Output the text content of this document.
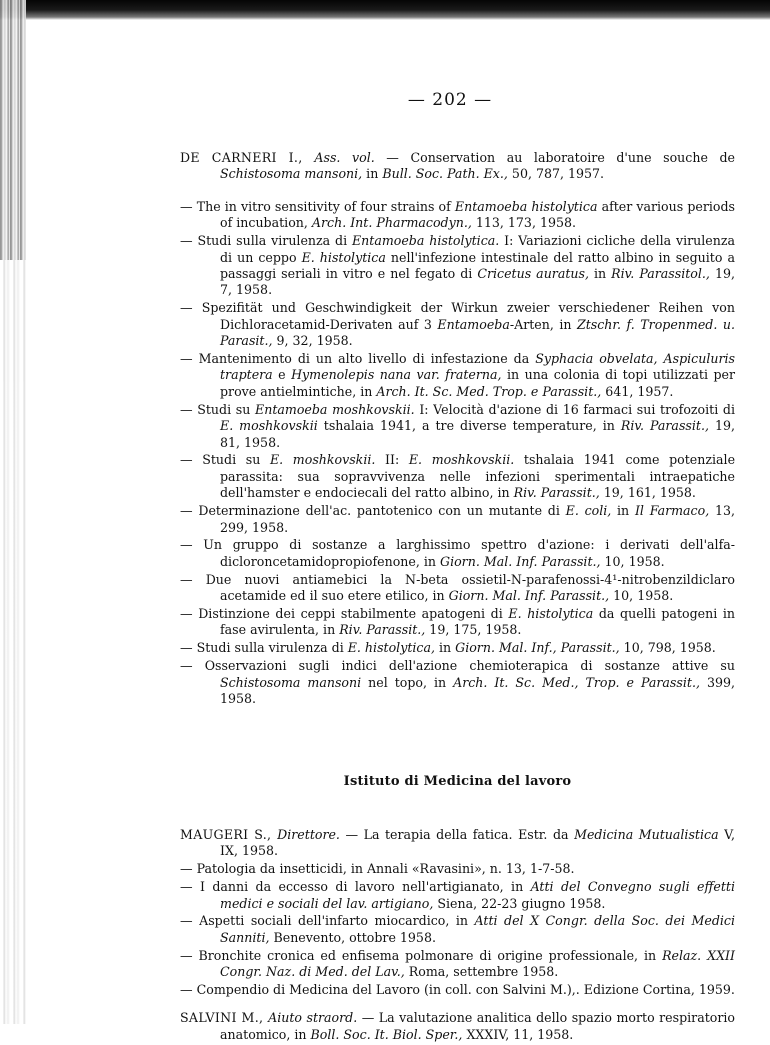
— 202 —

DE CARNERI I., Ass. vol. — Conservation au laboratoire d'une souche de Schistosoma mansoni, in Bull. Soc. Path. Ex., 50, 787, 1957.

— The in vitro sensitivity of four strains of Entamoeba histolytica after various periods of incubation, Arch. Int. Pharmacodyn., 113, 173, 1958.

— Studi sulla virulenza di Entamoeba histolytica. I: Variazioni cicliche della virulenza di un ceppo E. histolytica nell'infezione intestinale del ratto albino in seguito a passaggi seriali in vitro e nel fegato di Cricetus auratus, in Riv. Parassitol., 19, 7, 1958.

— Spezifität und Geschwindigkeit der Wirkun zweier verschiedener Reihen von Dichloracetamid-Derivaten auf 3 Entamoeba-Arten, in Ztschr. f. Tropenmed. u. Parasit., 9, 32, 1958.

— Mantenimento di un alto livello di infestazione da Syphacia obvelata, Aspiculuris traptera e Hymenolepis nana var. fraterna, in una colonia di topi utilizzati per prove antielmintiche, in Arch. It. Sc. Med. Trop. e Parassit., 641, 1957.

— Studi su Entamoeba moshkovskii. I: Velocità d'azione di 16 farmaci sui trofozoiti di E. moshkovskii tshalaia 1941, a tre diverse temperature, in Riv. Parassit., 19, 81, 1958.

— Studi su E. moshkovskii. II: E. moshkovskii. tshalaia 1941 come potenziale parassita: sua sopravvivenza nelle infezioni sperimentali intraepatiche dell'hamster e endociecali del ratto albino, in Riv. Parassit., 19, 161, 1958.

— Determinazione dell'ac. pantotenico con un mutante di E. coli, in Il Farmaco, 13, 299, 1958.

— Un gruppo di sostanze a larghissimo spettro d'azione: i derivati dell'alfa-dicloroncetamidopropiofenone, in Giorn. Mal. Inf. Parassit., 10, 1958.

— Due nuovi antiamebici la N-beta ossietil-N-parafenossi-4¹-nitrobenzildiclaro acetamide ed il suo etere etilico, in Giorn. Mal. Inf. Parassit., 10, 1958.

— Distinzione dei ceppi stabilmente apatogeni di E. histolytica da quelli patogeni in fase avirulenta, in Riv. Parassit., 19, 175, 1958.

— Studi sulla virulenza di E. histolytica, in Giorn. Mal. Inf., Parassit., 10, 798, 1958.

— Osservazioni sugli indici dell'azione chemioterapica di sostanze attive su Schistosoma mansoni nel topo, in Arch. It. Sc. Med., Trop. e Parassit., 399, 1958.

Istituto di Medicina del lavoro

MAUGERI S., Direttore. — La terapia della fatica. Estr. da Medicina Mutualistica V, IX, 1958.

— Patologia da insetticidi, in Annali «Ravasini», n. 13, 1-7-58.

— I danni da eccesso di lavoro nell'artigianato, in Atti del Convegno sugli effetti medici e sociali del lav. artigiano, Siena, 22-23 giugno 1958.

— Aspetti sociali dell'infarto miocardico, in Atti del X Congr. della Soc. dei Medici Sanniti, Benevento, ottobre 1958.

— Bronchite cronica ed enfisema polmonare di origine professionale, in Relaz. XXII Congr. Naz. di Med. del Lav., Roma, settembre 1958.

— Compendio di Medicina del Lavoro (in coll. con Salvini M.),. Edizione Cortina, 1959.

SALVINI M., Aiuto straord. — La valutazione analitica dello spazio morto respiratorio anatomico, in Boll. Soc. It. Biol. Sper., XXXIV, 11, 1958.
